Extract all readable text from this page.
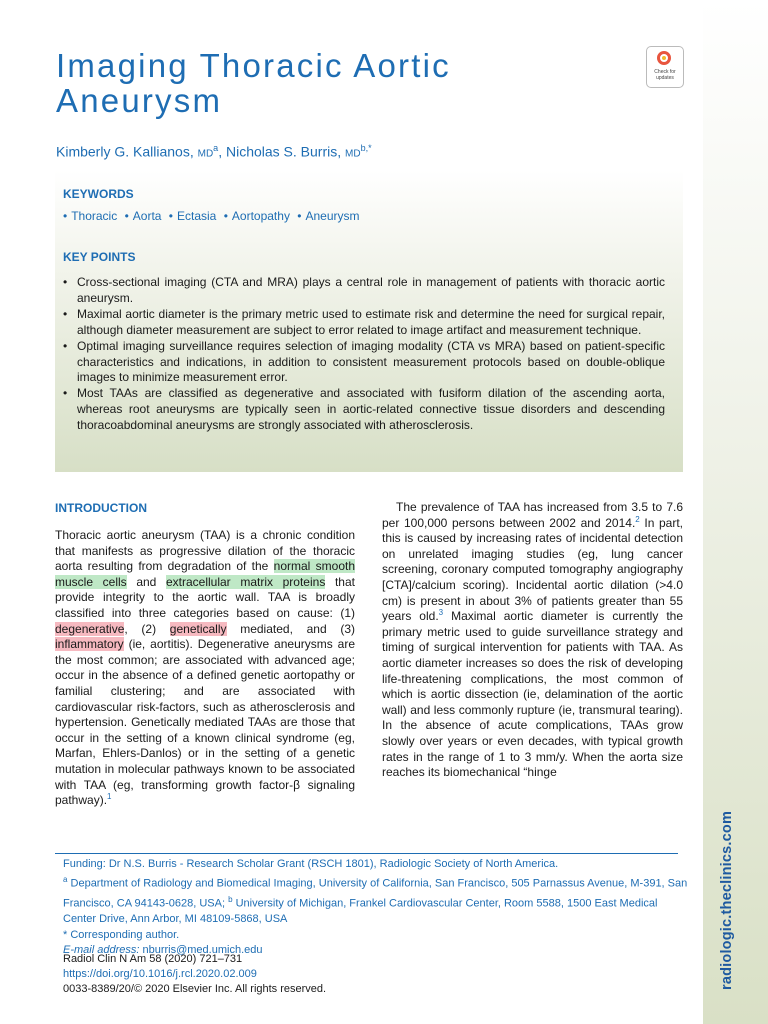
radiologic.theclinics.com
Imaging Thoracic Aortic Aneurysm
Check for updates
Kimberly G. Kallianos, $MD^a$, Nicholas S. Burris, $MD^{b,*}$
KEYWORDS
• Thoracic • Aorta • Ectasia • Aortopathy • Aneurysm
KEY POINTS
• Cross-sectional imaging (CTA and MRA) plays a central role in management of patients with thoracic aortic aneurysm.
• Maximal aortic diameter is the primary metric used to estimate risk and determine the need for surgical repair, although diameter measurement are subject to error related to image artifact and measurement technique.
• Optimal imaging surveillance requires selection of imaging modality (CTA vs MRA) based on patient-specific characteristics and indications, in addition to consistent measurement protocols based on double-oblique images to minimize measurement error.
• Most TAAs are classified as degenerative and associated with fusiform dilation of the ascending aorta, whereas root aneurysms are typically seen in aortic-related connective tissue disorders and descending thoracoabdominal aneurysms are strongly associated with atherosclerosis.
INTRODUCTION

Thoracic aortic aneurysm (TAA) is a chronic condition that manifests as progressive dilation of the thoracic aorta resulting from degradation of the normal smooth muscle cells and extracellular matrix proteins that provide integrity to the aortic wall. TAA is broadly classified into three categories based on cause: (1) degenerative, (2) genetically mediated, and (3) inflammatory (ie, aortitis). Degenerative aneurysms are the most common; are associated with advanced age; occur in the absence of a defined genetic aortopathy or familial clustering; and are associated with cardiovascular risk-factors, such as atherosclerosis and hypertension. Genetically mediated TAAs are those that occur in the setting of a known clinical syndrome (eg, Marfan, Ehlers-Danlos) or in the setting of a genetic mutation in molecular pathways known to be associated with TAA (eg, transforming growth factor-β signaling pathway).$^1$

The prevalence of TAA has increased from 3.5 to 7.6 per 100,000 persons between 2002 and 2014.$^2$ In part, this is caused by increasing rates of incidental detection on unrelated imaging studies (eg, lung cancer screening, coronary computed tomography angiography [CTA]/calcium scoring). Incidental aortic dilation (>4.0 cm) is present in about 3% of patients greater than 55 years old.$^3$ Maximal aortic diameter is currently the primary metric used to guide surveillance strategy and timing of surgical intervention for patients with TAA. As aortic diameter increases so does the risk of developing life-threatening complications, the most common of which is aortic dissection (ie, delamination of the aortic wall) and less commonly rupture (ie, transmural tearing). In the absence of acute complications, TAAs grow slowly over years or even decades, with typical growth rates in the range of 1 to 3 mm/y. When the aorta size reaches its biomechanical “hinge

Funding: Dr N.S. Burris - Research Scholar Grant (RSCH 1801), Radiologic Society of North America.

$^a$ Department of Radiology and Biomedical Imaging, University of California, San Francisco, 505 Parnassus Avenue, M-391, San Francisco, CA 94143-0628, USA; $^b$ University of Michigan, Frankel Cardiovascular Center, Room 5588, 1500 East Medical Center Drive, Ann Arbor, MI 48109-5868, USA

* Corresponding author.

E-mail address: nburris@med.umich.edu

Radiol Clin N Am 58 (2020) 721–731

https://doi.org/10.1016/j.rcl.2020.02.009

0033-8389/20/© 2020 Elsevier Inc. All rights reserved.
